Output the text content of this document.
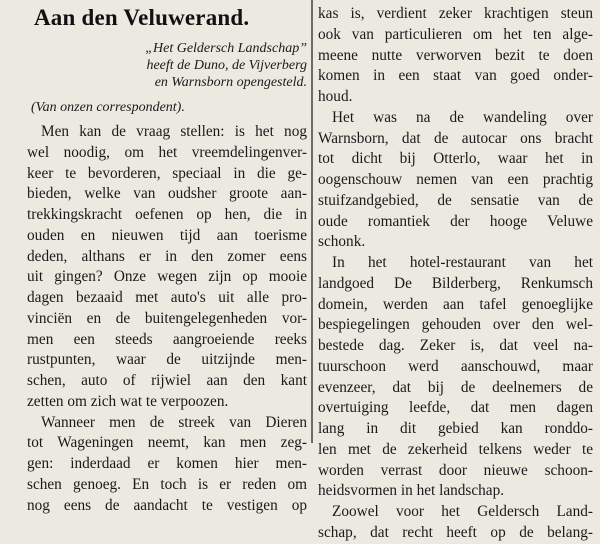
Aan den Veluwerand.
„Het Geldersch Landschap”
heeft de Duno, de Vijverberg
en Warnsborn opengesteld.
(Van onzen correspondent).
Men kan de vraag stellen: is het nog
wel noodig, om het vreemdelingenver-
keer te bevorderen, speciaal in die ge-
bieden, welke van oudsher groote aan-
trekkingskracht oefenen op hen, die in
ouden en nieuwen tijd aan toerisme
deden, althans er in den zomer eens
uit gingen? Onze wegen zijn op mooie
dagen bezaaid met auto's uit alle pro-
vinciën en de buitengelegenheden vor-
men een steeds aangroeiende reeks
rustpunten, waar de uitzijnde men-
schen, auto of rijwiel aan den kant
zetten om zich wat te verpoozen.
Wanneer men de streek van Dieren
tot Wageningen neemt, kan men zeg-
gen: inderdaad er komen hier men-
schen genoeg. En toch is er reden om
nog eens de aandacht te vestigen op
kas is, verdient zeker krachtigen steun
ook van particulieren om het ten alge-
meene nutte verworven bezit te doen
komen in een staat van goed onder-
houd.
Het was na de wandeling over
Warnsborn, dat de autocar ons bracht
tot dicht bij Otterlo, waar het in
oogenschouw nemen van een prachtig
stuifzandgebied, de sensatie van de
oude romantiek der hooge Veluwe
schonk.
In het hotel-restaurant van het
landgoed De Bilderberg, Renkumsch
domein, werden aan tafel genoeglijke
bespiegelingen gehouden over den wel-
bestede dag. Zeker is, dat veel na-
tuurschoon werd aanschouwd, maar
evenzeer, dat bij de deelnemers de
overtuiging leefde, dat men dagen
lang in dit gebied kan ronddo-
len met de zekerheid telkens weder te
worden verrast door nieuwe schoon-
heidsvormen in het landschap.
Zoowel voor het Geldersch Land-
schap, dat recht heeft op de belang-
